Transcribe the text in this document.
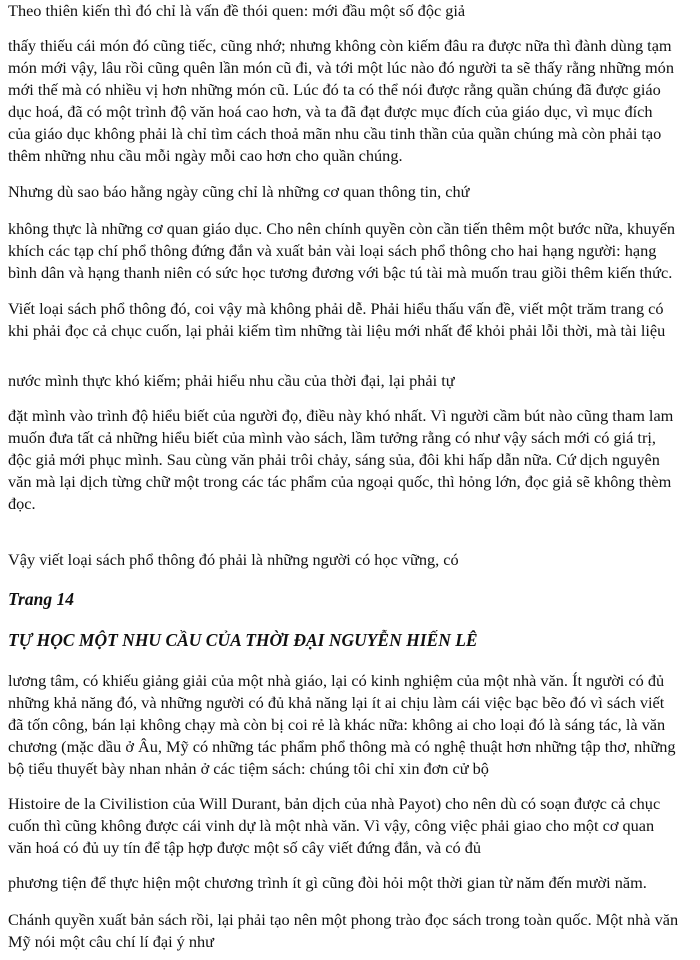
Theo thiên kiến thì đó chỉ là vấn đề thói quen: mới đầu một số độc giả

thấy thiếu cái món đó cũng tiếc, cũng nhớ; nhưng không còn kiếm đâu ra được nữa thì đành dùng tạm
món mới vậy, lâu rồi cũng quên lần món cũ đi, và tới một lúc nào đó người ta sẽ thấy rằng những món
mới thế mà có nhiều vị hơn những món cũ. Lúc đó ta có thể nói được rằng quần chúng đã được giáo
dục hoá, đã có một trình độ văn hoá cao hơn, và ta đã đạt được mục đích của giáo dục, vì mục đích
của giáo dục không phải là chỉ tìm cách thoả mãn nhu cầu tinh thần của quần chúng mà còn phải tạo
thêm những nhu cầu mỗi ngày mỗi cao hơn cho quần chúng.

Nhưng dù sao báo hằng ngày cũng chỉ là những cơ quan thông tin, chứ

không thực là những cơ quan giáo dục. Cho nên chính quyền còn cần tiến thêm một bước nữa, khuyến
khích các tạp chí phổ thông đứng đắn và xuất bản vài loại sách phổ thông cho hai hạng người: hạng
bình dân và hạng thanh niên có sức học tương đương với bậc tú tài mà muốn trau giồi thêm kiến thức.

Viết loại sách phổ thông đó, coi vậy mà không phải dễ. Phải hiểu thấu vấn đề, viết một trăm trang có
khi phải đọc cả chục cuốn, lại phải kiếm tìm những tài liệu mới nhất để khỏi phải lỗi thời, mà tài liệu

nước mình thực khó kiếm; phải hiểu nhu cầu của thời đại, lại phải tự

đặt mình vào trình độ hiểu biết của người đọ, điều này khó nhất. Vì người cầm bút nào cũng tham lam
muốn đưa tất cả những hiểu biết của mình vào sách, lầm tưởng rằng có như vậy sách mới có giá trị,
độc giả mới phục mình. Sau cùng văn phải trôi chảy, sáng sủa, đôi khi hấp dẫn nữa. Cứ dịch nguyên
văn mà lại dịch từng chữ một trong các tác phẩm của ngoại quốc, thì hỏng lớn, đọc giả sẽ không thèm
đọc.

Vậy viết loại sách phổ thông đó phải là những người có học vững, có

Trang 14
TỰ HỌC MỘT NHU CẦU CỦA THỜI ĐẠI NGUYỄN HIẾN LÊ

lương tâm, có khiếu giảng giải của một nhà giáo, lại có kinh nghiệm của một nhà văn. Ít người có đủ
những khả năng đó, và những người có đủ khả năng lại ít ai chịu làm cái việc bạc bẽo đó vì sách viết
đã tốn công, bán lại không chạy mà còn bị coi rẻ là khác nữa: không ai cho loại đó là sáng tác, là văn
chương (mặc dầu ở Âu, Mỹ có những tác phẩm phổ thông mà có nghệ thuật hơn những tập thơ, những
bộ tiểu thuyết bày nhan nhản ở các tiệm sách: chúng tôi chỉ xin đơn cử bộ

Histoire de la Civilistion của Will Durant, bản dịch của nhà Payot) cho nên dù có soạn được cả chục
cuốn thì cũng không được cái vinh dự là một nhà văn. Vì vậy, công việc phải giao cho một cơ quan
văn hoá có đủ uy tín để tập hợp được một số cây viết đứng đắn, và có đủ

phương tiện để thực hiện một chương trình ít gì cũng đòi hỏi một thời gian từ năm đến mười năm.

Chánh quyền xuất bản sách rồi, lại phải tạo nên một phong trào đọc sách trong toàn quốc. Một nhà văn
Mỹ nói một câu chí lí đại ý như
